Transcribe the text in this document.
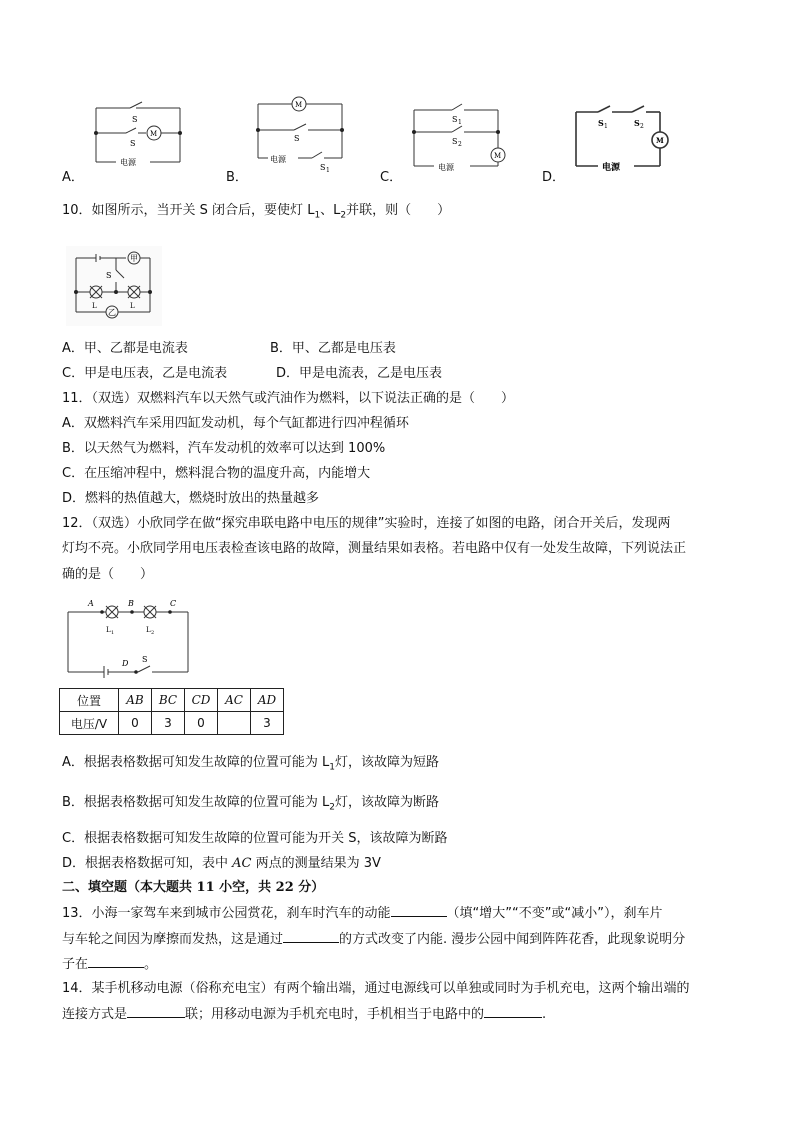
S
M
S
电源
A．
M
S
电源
S 1
B．
S 1
S 2
M
电源
C．
S 1	S 2
M
电源
D．
10．如图所示，当开关 S 闭合后，要使灯 $L_1$、$L_2$并联，则（　　）
甲
S
L	L
乙
A．甲、乙都是电流表	B．甲、乙都是电压表
C．甲是电压表，乙是电流表	D．甲是电流表，乙是电压表
11．（双选）双燃料汽车以天然气或汽油作为燃料，以下说法正确的是（　　）
A．双燃料汽车采用四缸发动机，每个气缸都进行四冲程循环
B．以天然气为燃料，汽车发动机的效率可以达到 100%
C．在压缩冲程中，燃料混合物的温度升高，内能增大
D．燃料的热值越大，燃烧时放出的热量越多
12．（双选）小欣同学在做“探究串联电路中电压的规律”实验时，连接了如图的电路，闭合开关后，发现两
灯均不亮。小欣同学用电压表检查该电路的故障，测量结果如表格。若电路中仅有一处发生故障，下列说法正
确的是（　　）
A	B	C
L 1	L 2
D S
位置	AB	BC	CD	AC	AD
电压/V	0	3	0		3
A．根据表格数据可知发生故障的位置可能为 $L_1$灯，该故障为短路
B．根据表格数据可知发生故障的位置可能为 $L_2$灯，该故障为断路
C．根据表格数据可知发生故障的位置可能为开关 S，该故障为断路
D．根据表格数据可知，表中 AC 两点的测量结果为 3V
二、填空题（本大题共 11 小空，共 22 分）
13．小海一家驾车来到城市公园赏花，刹车时汽车的动能	（填“增大”“不变”或“减小”），刹车片
与车轮之间因为摩擦而发热，这是通过	的方式改变了内能. 漫步公园中闻到阵阵花香，此现象说明分
子在	。
14．某手机移动电源（俗称充电宝）有两个输出端，通过电源线可以单独或同时为手机充电，这两个输出端的
连接方式是	联；用移动电源为手机充电时，手机相当于电路中的	.
